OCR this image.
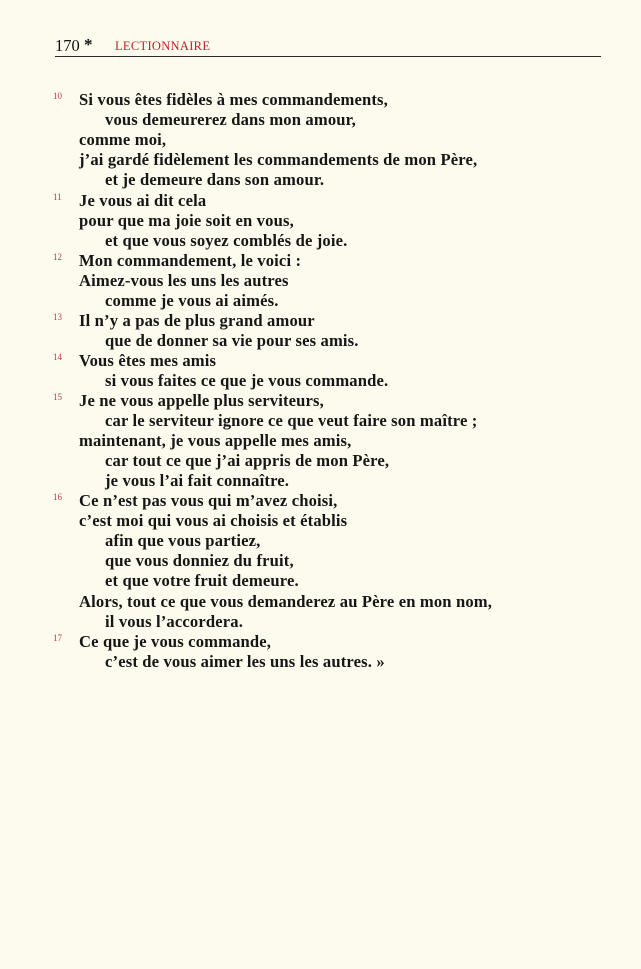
170 * LECTIONNAIRE
10 Si vous êtes fidèles à mes commandements,
vous demeurerez dans mon amour,
comme moi,
j’ai gardé fidèlement les commandements de mon Père,
et je demeure dans son amour.
11 Je vous ai dit cela
pour que ma joie soit en vous,
et que vous soyez comblés de joie.
12 Mon commandement, le voici :
Aimez-vous les uns les autres
comme je vous ai aimés.
13 Il n’y a pas de plus grand amour
que de donner sa vie pour ses amis.
14 Vous êtes mes amis
si vous faites ce que je vous commande.
15 Je ne vous appelle plus serviteurs,
car le serviteur ignore ce que veut faire son maître ;
maintenant, je vous appelle mes amis,
car tout ce que j’ai appris de mon Père,
je vous l’ai fait connaître.
16 Ce n’est pas vous qui m’avez choisi,
c’est moi qui vous ai choisis et établis
afin que vous partiez,
que vous donniez du fruit,
et que votre fruit demeure.
Alors, tout ce que vous demanderez au Père en mon nom,
il vous l’accordera.
17 Ce que je vous commande,
c’est de vous aimer les uns les autres. »
